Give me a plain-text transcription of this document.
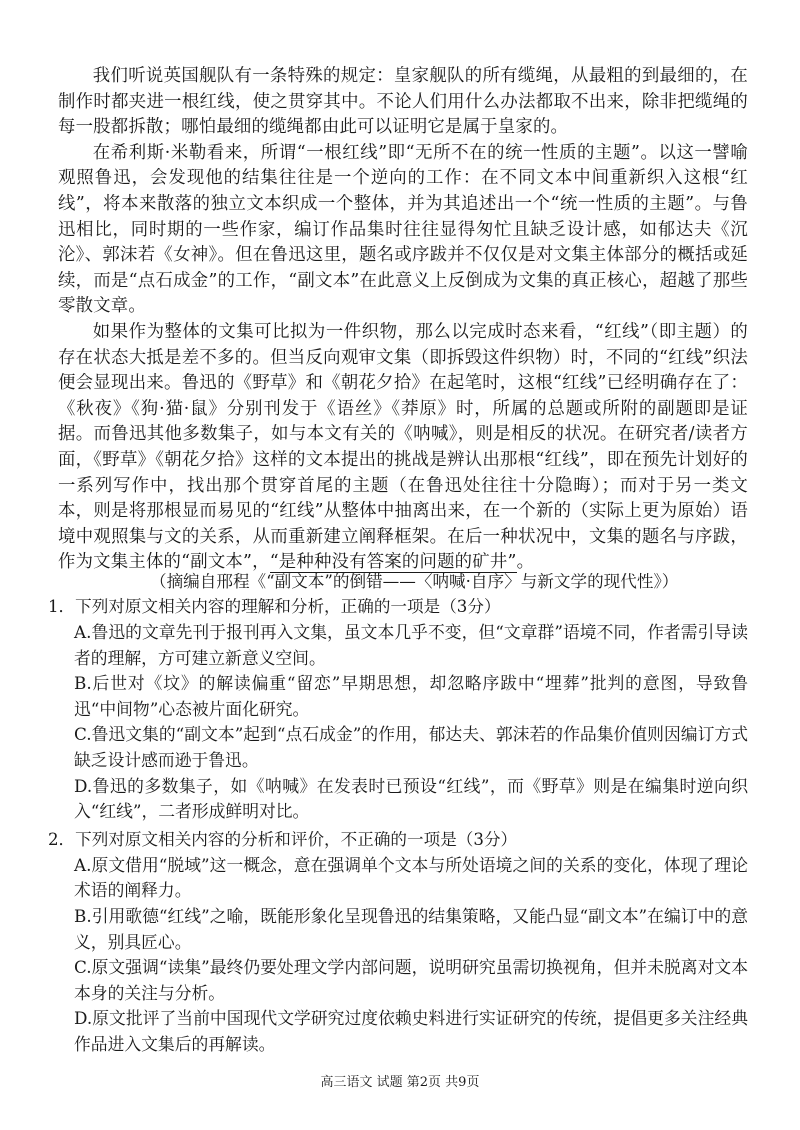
我们听说英国舰队有一条特殊的规定：皇家舰队的所有缆绳，从最粗的到最细的，在制作时都夹进一根红线，使之贯穿其中。不论人们用什么办法都取不出来，除非把缆绳的每一股都拆散；哪怕最细的缆绳都由此可以证明它是属于皇家的。

在希利斯·米勒看来，所谓“一根红线”即“无所不在的统一性质的主题”。以这一譬喻观照鲁迅，会发现他的结集往往是一个逆向的工作：在不同文本中间重新织入这根“红线”，将本来散落的独立文本织成一个整体，并为其追述出一个“统一性质的主题”。与鲁迅相比，同时期的一些作家，编订作品集时往往显得匆忙且缺乏设计感，如郁达夫《沉沦》、郭沫若《女神》。但在鲁迅这里，题名或序跋并不仅仅是对文集主体部分的概括或延续，而是“点石成金”的工作，“副文本”在此意义上反倒成为文集的真正核心，超越了那些零散文章。

如果作为整体的文集可比拟为一件织物，那么以完成时态来看，“红线”（即主题）的存在状态大抵是差不多的。但当反向观审文集（即拆毁这件织物）时，不同的“红线”织法便会显现出来。鲁迅的《野草》和《朝花夕拾》在起笔时，这根“红线”已经明确存在了：《秋夜》《狗·猫·鼠》分别刊发于《语丝》《莽原》时，所属的总题或所附的副题即是证据。而鲁迅其他多数集子，如与本文有关的《呐喊》，则是相反的状况。在研究者/读者方面，《野草》《朝花夕拾》这样的文本提出的挑战是辨认出那根“红线”，即在预先计划好的一系列写作中，找出那个贯穿首尾的主题（在鲁迅处往往十分隐晦）；而对于另一类文本，则是将那根显而易见的“红线”从整体中抽离出来，在一个新的（实际上更为原始）语境中观照集与文的关系，从而重新建立阐释框架。在后一种状况中，文集的题名与序跋，作为文集主体的“副文本”，“是种种没有答案的问题的矿井”。

（摘编自邢程《“副文本”的倒错——〈呐喊·自序〉与新文学的现代性》）

1．下列对原文相关内容的理解和分析，正确的一项是（3分）

A.鲁迅的文章先刊于报刊再入文集，虽文本几乎不变，但“文章群”语境不同，作者需引导读者的理解，方可建立新意义空间。

B.后世对《坟》的解读偏重“留恋”早期思想，却忽略序跋中“埋葬”批判的意图，导致鲁迅“中间物”心态被片面化研究。

C.鲁迅文集的“副文本”起到“点石成金”的作用，郁达夫、郭沫若的作品集价值则因编订方式缺乏设计感而逊于鲁迅。

D.鲁迅的多数集子，如《呐喊》在发表时已预设“红线”，而《野草》则是在编集时逆向织入“红线”，二者形成鲜明对比。

2．下列对原文相关内容的分析和评价，不正确的一项是（3分）

A.原文借用“脱域”这一概念，意在强调单个文本与所处语境之间的关系的变化，体现了理论术语的阐释力。

B.引用歌德“红线”之喻，既能形象化呈现鲁迅的结集策略，又能凸显“副文本”在编订中的意义，别具匠心。

C.原文强调“读集”最终仍要处理文学内部问题，说明研究虽需切换视角，但并未脱离对文本本身的关注与分析。

D.原文批评了当前中国现代文学研究过度依赖史料进行实证研究的传统，提倡更多关注经典作品进入文集后的再解读。

高三语文 试题 第2页 共9页
